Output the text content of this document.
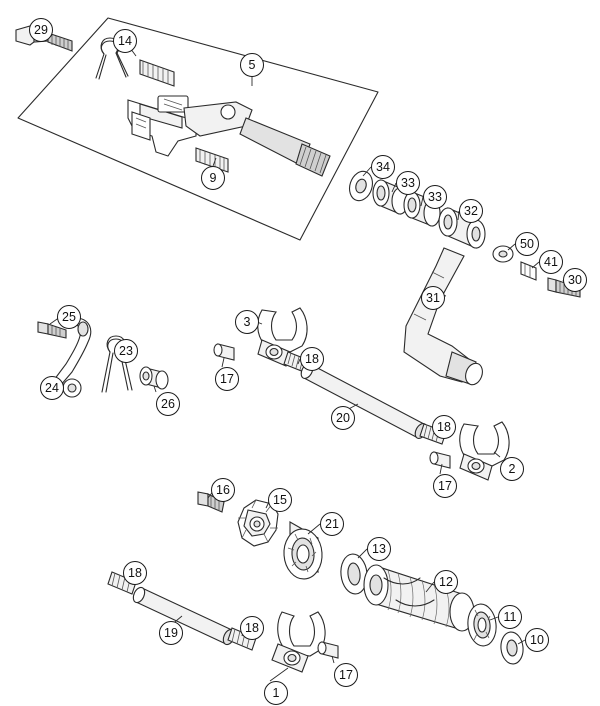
29
14
5
9
34
33
33
32
50
41
30
31
25	3
23
18
24
17
26
20
18
2
17
16
15
21
13
18
12
18
11
10
19
17
1
